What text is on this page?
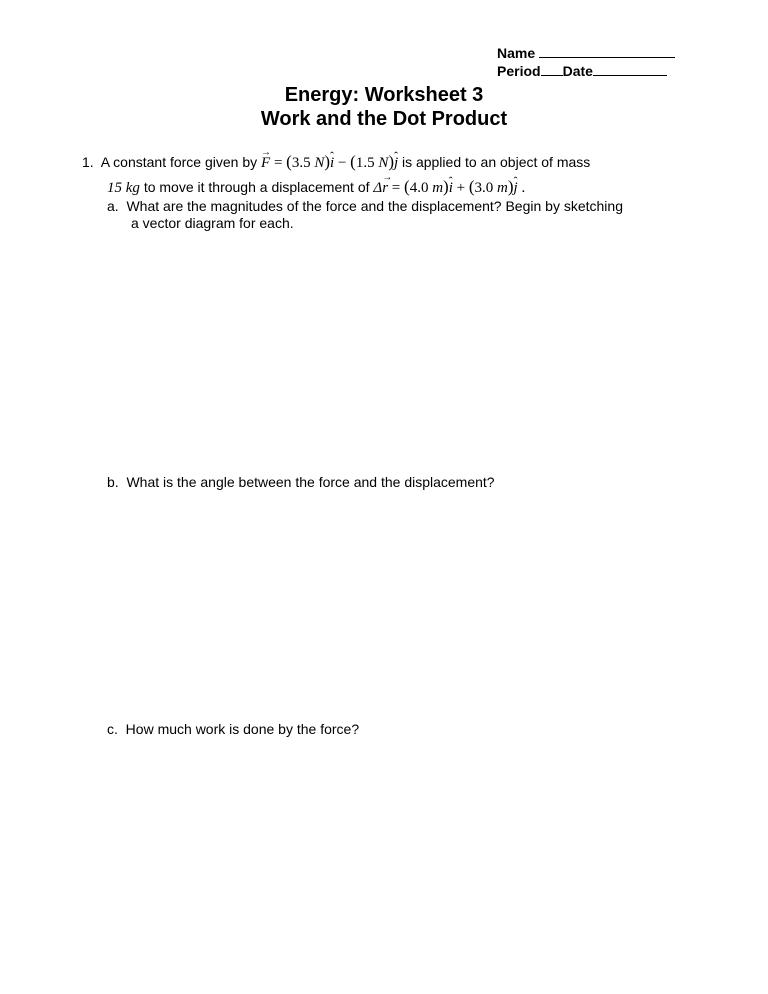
Name
Period Date
Energy: Worksheet 3
Work and the Dot Product
1. A constant force given by → F = (3.5 N)ˆ i − (1.5 N)ˆ j is applied to an object of mass
15 kg to move it through a displacement of Δ→ r = (4.0 m)ˆ i + (3.0 m)ˆ j .
a. What are the magnitudes of the force and the displacement? Begin by sketching
a vector diagram for each.
b. What is the angle between the force and the displacement?
c. How much work is done by the force?
